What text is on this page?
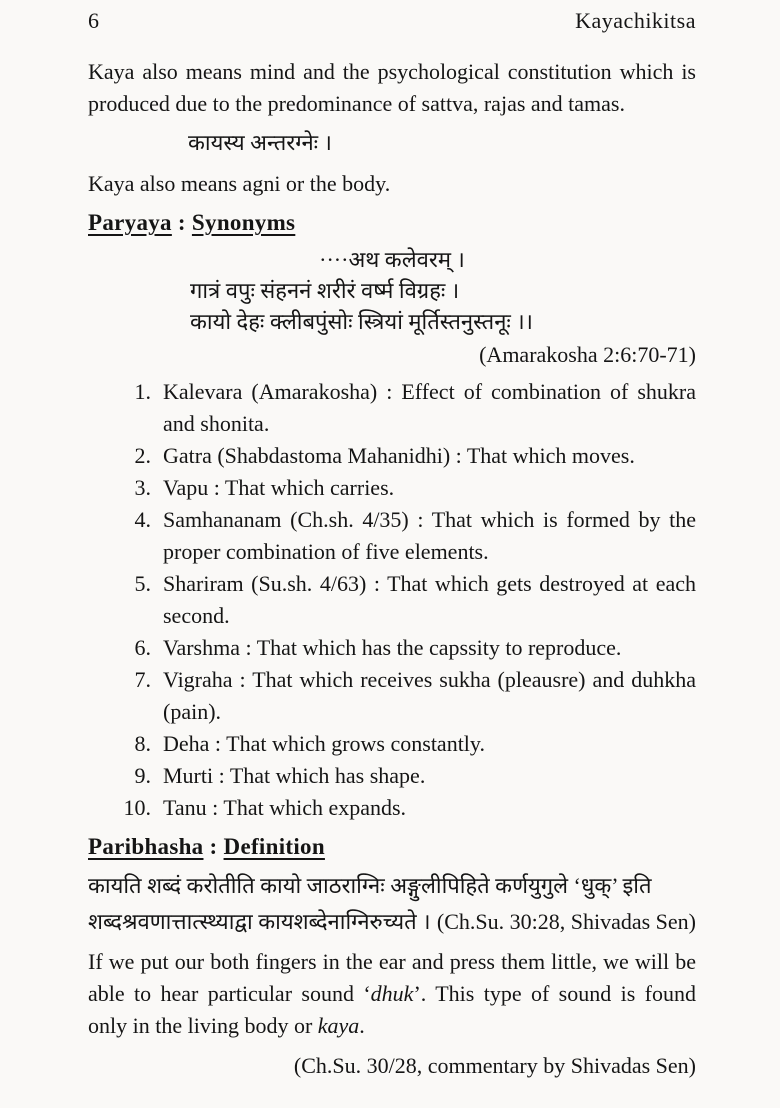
6	Kayachikitsa

Kaya also means mind and the psychological constitution which is produced due to the predominance of sattva, rajas and tamas.

कायस्य अन्तरग्नेः ।

Kaya also means agni or the body.

Paryaya : Synonyms
····अथ कलेवरम् ।
गात्रं वपुः संहननं शरीरं वर्ष्म विग्रहः ।
कायो देहः क्लीबपुंसोः स्त्रियां मूर्तिस्तनुस्तनूः ।।
(Amarakosha 2:6:70-71)
1. Kalevara (Amarakosha) : Effect of combination of shukra and shonita.
2. Gatra (Shabdastoma Mahanidhi) : That which moves.
3. Vapu : That which carries.
4. Samhananam (Ch.sh. 4/35) : That which is formed by the proper combination of five elements.
5. Shariram (Su.sh. 4/63) : That which gets destroyed at each second.
6. Varshma : That which has the capssity to reproduce.
7. Vigraha : That which receives sukha (pleausre) and duhkha (pain).
8. Deha : That which grows constantly.
9. Murti : That which has shape.
10. Tanu : That which expands.
Paribhasha : Definition

कायति शब्दं करोतीति कायो जाठराग्निः अङ्गुलीपिहिते कर्णयुगुले ‘धुक्’ इति

शब्दश्रवणात्तात्स्थ्याद्वा कायशब्देनाग्निरुच्यते । (Ch.Su. 30:28, Shivadas Sen)

If we put our both fingers in the ear and press them little, we will be able to hear particular sound ‘dhuk’. This type of sound is found only in the living body or kaya.

(Ch.Su. 30/28, commentary by Shivadas Sen)
